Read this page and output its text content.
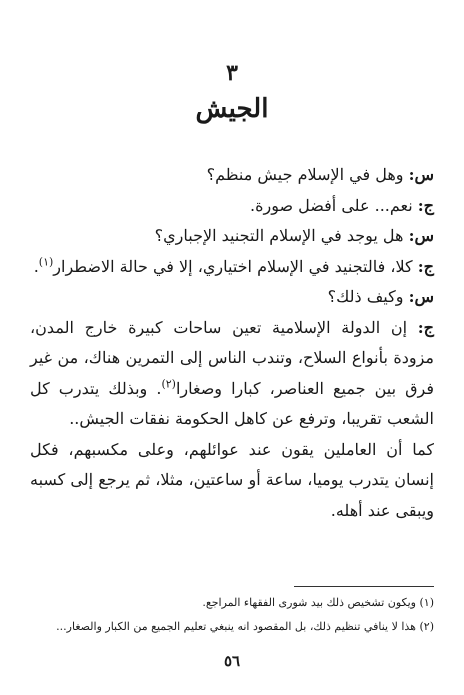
٣
الجيش

س: وهل في الإسلام جيش منظم؟

ج: نعم... على أفضل صورة.

س: هل يوجد في الإسلام التجنيد الإجباري؟

ج: كلا، فالتجنيد في الإسلام اختياري، إلا في حالة الاضطرار$^{(١)}$.

س: وكيف ذلك؟

ج: إن الدولة الإسلامية تعين ساحات كبيرة خارج المدن، مزودة بأنواع السلاح، وتندب الناس إلى التمرين هناك، من غير فرق بين جميع العناصر، كبارا وصغارا$^{(٢)}$. وبذلك يتدرب كل الشعب تقريبا، وترفع عن كاهل الحكومة نفقات الجيش..

كما أن العاملين يقون عند عوائلهم، وعلى مكسبهم، فكل إنسان يتدرب يوميا، ساعة أو ساعتين، مثلا، ثم يرجع إلى كسبه ويبقى عند أهله.

(١) ويكون تشخيص ذلك بيد شورى الفقهاء المراجع.

(٢) هذا لا ينافي تنظيم ذلك، بل المقصود انه ينبغي تعليم الجميع من الكبار والصغار...

٥٦
